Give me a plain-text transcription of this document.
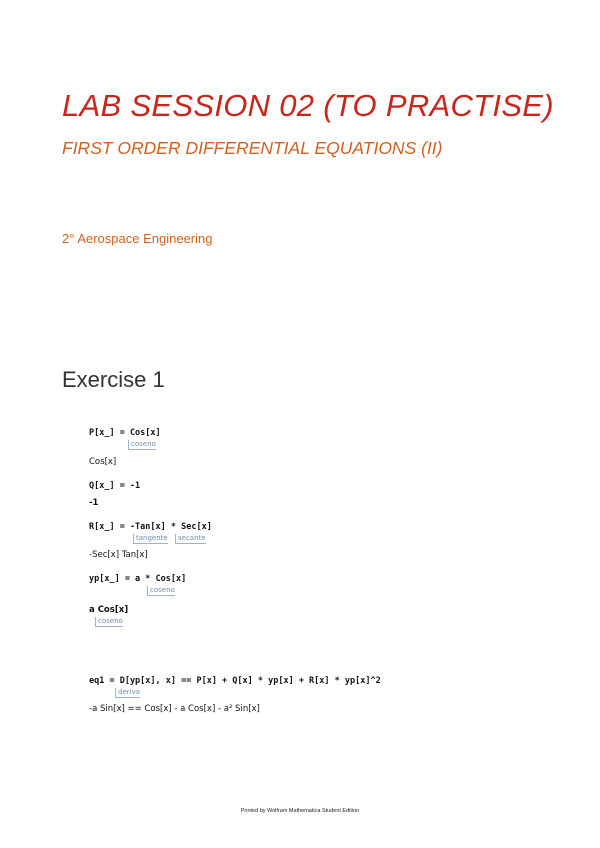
LAB SESSION 02 (TO PRACTISE)
FIRST ORDER DIFFERENTIAL EQUATIONS (II)
2° Aerospace Engineering
Exercise 1
P[x_] = Cos[x]
coseno
Cos[x]
Q[x_] = -1
-1
R[x_] = -Tan[x] * Sec[x]
tangente	secante
-Sec[x] Tan[x]
yp[x_] = a * Cos[x]
coseno
a Cos[x]
coseno
eq1 = D[yp[x], x] == P[x] + Q[x] * yp[x] + R[x] * yp[x]^2
deriva
-a Sin[x] == Cos[x] - a Cos[x] - a² Sin[x]
Printed by Wolfram Mathematica Student Edition
